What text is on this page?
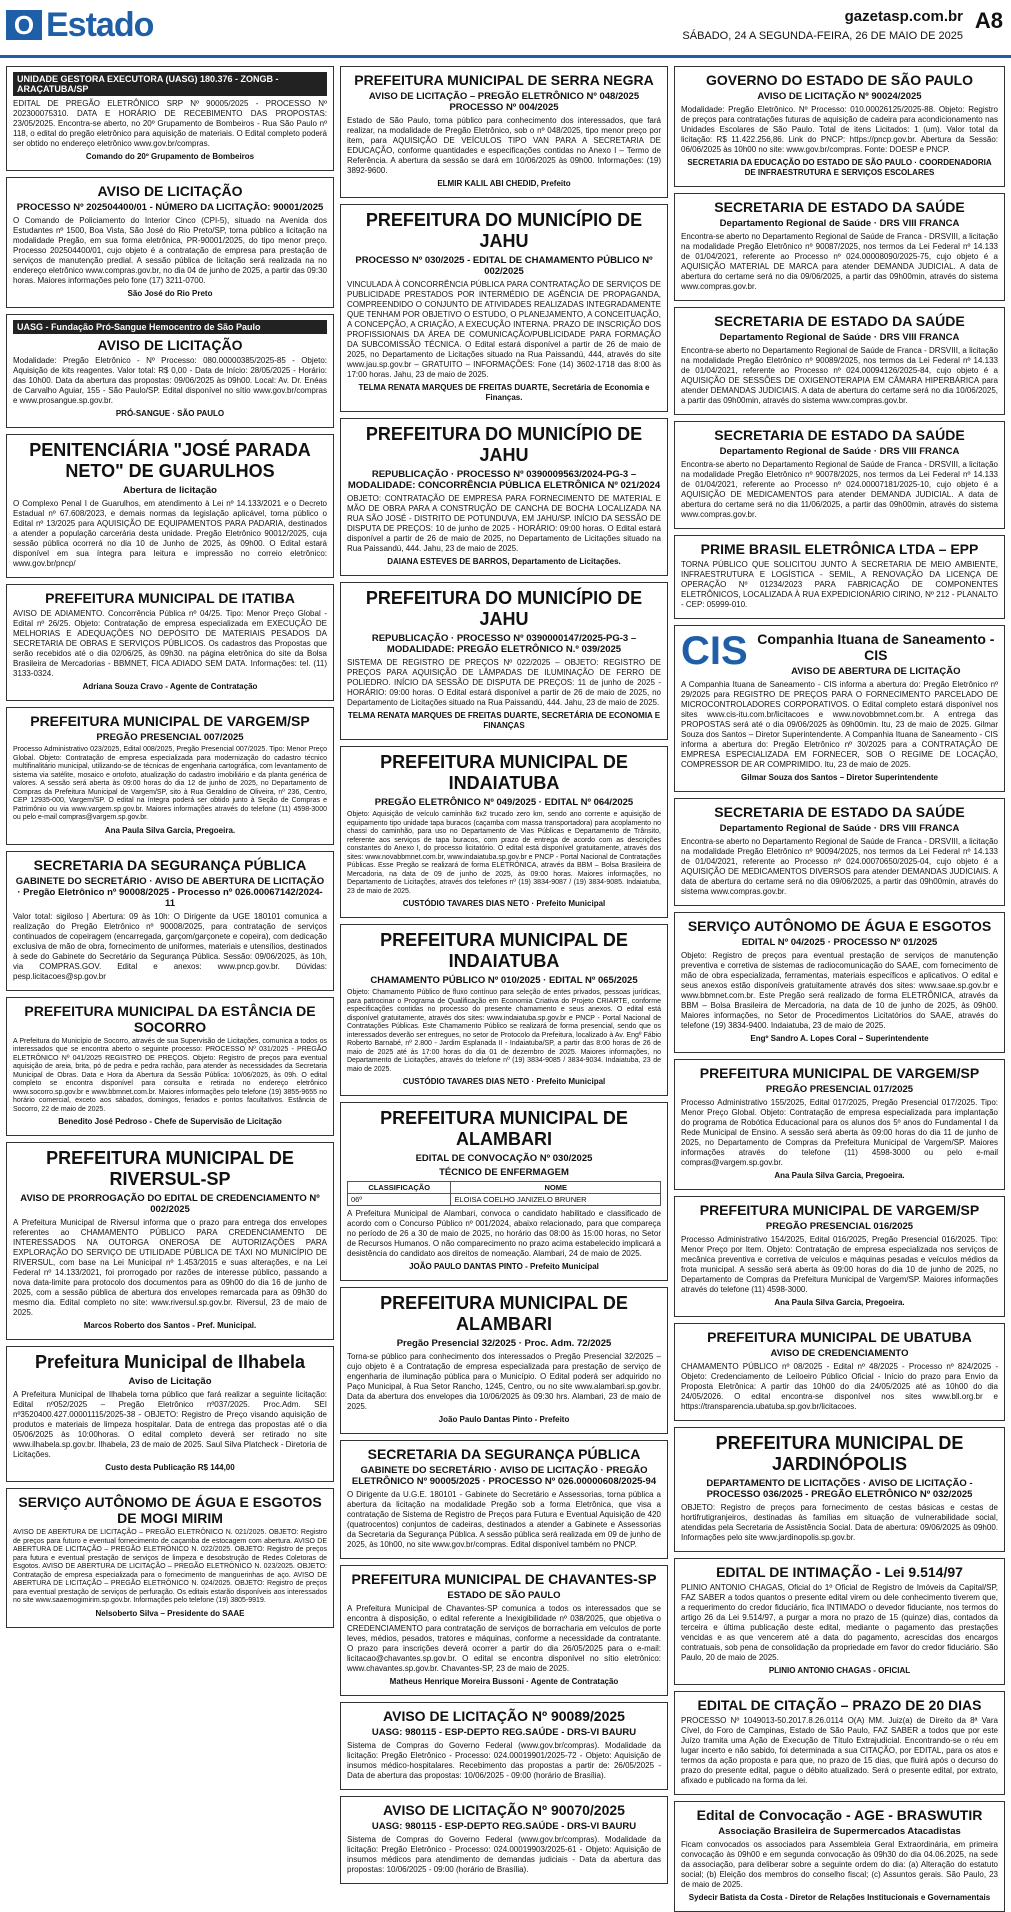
O Estado	gazetasp.com.br
SÁBADO, 24 A SEGUNDA-FEIRA, 26 DE MAIO DE 2025
A8
UNIDADE GESTORA EXECUTORA (UASG) 180.376 - ZONGB - ARAÇATUBA/SP

EDITAL DE PREGÃO ELETRÔNICO SRP Nº 90005/2025 - PROCESSO Nº 202300075310. DATA E HORÁRIO DE RECEBIMENTO DAS PROPOSTAS: 23/05/2025. Encontra-se aberto, no 20º Grupamento de Bombeiros - Rua São Paulo nº 118, o edital do pregão eletrônico para aquisição de materiais. O Edital completo poderá ser obtido no endereço eletrônico www.gov.br/compras.

Comando do 20º Grupamento de Bombeiros

AVISO DE LICITAÇÃO
PROCESSO Nº 202504400/01 - NÚMERO DA LICITAÇÃO: 90001/2025

O Comando de Policiamento do Interior Cinco (CPI-5), situado na Avenida dos Estudantes nº 1500, Boa Vista, São José do Rio Preto/SP, torna público a licitação na modalidade Pregão, em sua forma eletrônica, PR-90001/2025, do tipo menor preço. Processo 202504400/01, cujo objeto é a contratação de empresa para prestação de serviços de manutenção predial. A sessão pública de licitação será realizada na no endereço eletrônico www.compras.gov.br, no dia 04 de junho de 2025, a partir das 09:30 horas. Maiores informações pelo fone (17) 3211-0700.

São José do Rio Preto

UASG - Fundação Pró-Sangue Hemocentro de São Paulo
AVISO DE LICITAÇÃO

Modalidade: Pregão Eletrônico - Nº Processo: 080.00000385/2025-85 - Objeto: Aquisição de kits reagentes. Valor total: R$ 0,00 - Data de Início: 28/05/2025 - Horário: das 10h00. Data da abertura das propostas: 09/06/2025 às 09h00. Local: Av. Dr. Enéas de Carvalho Aguiar, 155 - São Paulo/SP. Edital disponível no sítio www.gov.br/compras e www.prosangue.sp.gov.br.

PRÓ-SANGUE · SÃO PAULO

PENITENCIÁRIA "JOSÉ PARADA NETO" DE GUARULHOS
Abertura de licitação

O Complexo Penal I de Guarulhos, em atendimento à Lei nº 14.133/2021 e o Decreto Estadual nº 67.608/2023, e demais normas da legislação aplicável, torna público o Edital nº 13/2025 para AQUISIÇÃO DE EQUIPAMENTOS PARA PADARIA, destinados a atender a população carcerária desta unidade. Pregão Eletrônico 90012/2025, cuja sessão pública ocorrerá no dia 10 de Junho de 2025, às 09h00. O Edital estará disponível em sua íntegra para leitura e impressão no correio eletrônico: www.gov.br/pncp/

PREFEITURA MUNICIPAL DE ITATIBA

AVISO DE ADIAMENTO. Concorrência Pública nº 04/25. Tipo: Menor Preço Global - Edital nº 26/25. Objeto: Contratação de empresa especializada em EXECUÇÃO DE MELHORIAS E ADEQUAÇÕES NO DEPÓSITO DE MATERIAIS PESADOS DA SECRETARIA DE OBRAS E SERVIÇOS PÚBLICOS. Os cadastros das Propostas que serão recebidos até o dia 02/06/25, às 09h30. na página eletrônica do site da Bolsa Brasileira de Mercadorias - BBMNET, FICA ADIADO SEM DATA. Informações: tel. (11) 3133-0324.

Adriana Souza Cravo - Agente de Contratação

PREFEITURA MUNICIPAL DE VARGEM/SP
PREGÃO PRESENCIAL 007/2025

Processo Administrativo 023/2025, Edital 008/2025, Pregão Presencial 007/2025. Tipo: Menor Preço Global. Objeto: Contratação de empresa especializada para modernização do cadastro técnico multifinalitário municipal, utilizando-se de técnicas de engenharia cartográfica, com levantamento de sistema via satélite, mosaico e ortofoto, atualização do cadastro imobiliário e da planta genérica de valores. A sessão será aberta às 09:00 horas do dia 12 de junho de 2025, no Departamento de Compras da Prefeitura Municipal de Vargem/SP, sito à Rua Geraldino de Oliveira, nº 236, Centro, CEP 12935-000, Vargem/SP. O edital na íntegra poderá ser obtido junto à Seção de Compras e Patrimônio ou via www.vargem.sp.gov.br. Maiores informações através do telefone (11) 4598-3000 ou pelo e-mail compras@vargem.sp.gov.br.

Ana Paula Silva Garcia, Pregoeira.

SECRETARIA DA SEGURANÇA PÚBLICA
GABINETE DO SECRETÁRIO · AVISO DE ABERTURA DE LICITAÇÃO · Pregão Eletrônico nº 90008/2025 - Processo nº 026.00067142/2024-11

Valor total: sigiloso | Abertura: 09 às 10h: O Dirigente da UGE 180101 comunica a realização do Pregão Eletrônico nº 90008/2025, para contratação de serviços continuados de copeiragem (encarregada, garçom/garçonete e copeira), com dedicação exclusiva de mão de obra, fornecimento de uniformes, materiais e utensílios, destinados à sede do Gabinete do Secretário da Segurança Pública. Sessão: 09/06/2025, às 10h, via COMPRAS.GOV. Edital e anexos: www.pncp.gov.br. Dúvidas: pesp.licitacoes@sp.gov.br

PREFEITURA MUNICIPAL DA ESTÂNCIA DE SOCORRO

A Prefeitura do Município de Socorro, através de sua Supervisão de Licitações, comunica a todos os interessados que se encontra aberto o seguinte processo: PROCESSO Nº 031/2025 - PREGÃO ELETRÔNICO Nº 041/2025 REGISTRO DE PREÇOS. Objeto: Registro de preços para eventual aquisição de areia, brita, pó de pedra e pedra rachão, para atender às necessidades da Secretaria Municipal de Obras. Data e Hora da Abertura da Sessão Pública: 10/06/2025, às 09h. O edital completo se encontra disponível para consulta e retirada no endereço eletrônico www.socorro.sp.gov.br e www.bbmnet.com.br. Maiores informações pelo telefone (19) 3855-9655 no horário comercial, exceto aos sábados, domingos, feriados e pontos facultativos. Estância de Socorro, 22 de maio de 2025.

Benedito José Pedroso - Chefe de Supervisão de Licitação

PREFEITURA MUNICIPAL DE RIVERSUL-SP
AVISO DE PRORROGAÇÃO DO EDITAL DE CREDENCIAMENTO Nº 002/2025

A Prefeitura Municipal de Riversul informa que o prazo para entrega dos envelopes referentes ao CHAMAMENTO PÚBLICO PARA CREDENCIAMENTO DE INTERESSADOS NA OUTORGA ONEROSA DE AUTORIZAÇÕES PARA EXPLORAÇÃO DO SERVIÇO DE UTILIDADE PÚBLICA DE TÁXI NO MUNICÍPIO DE RIVERSUL, com base na Lei Municipal nº 1.453/2015 e suas alterações, e na Lei Federal nº 14.133/2021, foi prorrogado por razões de interesse público, passando a nova data-limite para protocolo dos documentos para as 09h00 do dia 16 de junho de 2025, com a sessão pública de abertura dos envelopes remarcada para as 09h30 do mesmo dia. Edital completo no site: www.riversul.sp.gov.br. Riversul, 23 de maio de 2025.

Marcos Roberto dos Santos - Pref. Municipal.

Prefeitura Municipal de Ilhabela
Aviso de Licitação

A Prefeitura Municipal de Ilhabela torna público que fará realizar a seguinte licitação: Edital nº052/2025 – Pregão Eletrônico nº037/2025. Proc.Adm. SEI nº3520400.427.00001115/2025-38 - OBJETO: Registro de Preço visando aquisição de produtos e materiais de limpeza hospitalar. Data de entrega das propostas até o dia 05/06/2025 às 10:00horas. O edital completo deverá ser retirado no site www.ilhabela.sp.gov.br. Ilhabela, 23 de maio de 2025. Saul Silva Platcheck - Diretoria de Licitações.

Custo desta Publicação R$ 144,00

SERVIÇO AUTÔNOMO DE ÁGUA E ESGOTOS DE MOGI MIRIM

AVISO DE ABERTURA DE LICITAÇÃO – PREGÃO ELETRÔNICO N. 021/2025. OBJETO: Registro de preços para futuro e eventual fornecimento de caçamba de estocagem com abertura. AVISO DE ABERTURA DE LICITAÇÃO – PREGÃO ELETRÔNICO N. 022/2025. OBJETO: Registro de preços para futura e eventual prestação de serviços de limpeza e desobstrução de Redes Coletoras de Esgotos. AVISO DE ABERTURA DE LICITAÇÃO – PREGÃO ELETRÔNICO N. 023/2025. OBJETO: Contratação de empresa especializada para o fornecimento de manguerinhas de aço. AVISO DE ABERTURA DE LICITAÇÃO – PREGÃO ELETRÔNICO N. 024/2025. OBJETO: Registro de preços para eventual prestação de serviços de perfuração. Os editais estarão disponíveis aos interessados no site www.saaemogimirim.sp.gov.br. Informações pelo telefone (19) 3805-9919.

Nelsoberto Silva – Presidente do SAAE

PREFEITURA MUNICIPAL DE SERRA NEGRA
AVISO DE LICITAÇÃO – PREGÃO ELETRÔNICO Nº 048/2025 PROCESSO Nº 004/2025

Estado de São Paulo, torna público para conhecimento dos interessados, que fará realizar, na modalidade de Pregão Eletrônico, sob o nº 048/2025, tipo menor preço por item, para AQUISIÇÃO DE VEÍCULOS TIPO VAN PARA A SECRETARIA DE EDUCAÇÃO, conforme quantidades e especificações contidas no Anexo I – Termo de Referência. A abertura da sessão se dará em 10/06/2025 às 09h00. Informações: (19) 3892-9600.

ELMIR KALIL ABI CHEDID, Prefeito

PREFEITURA DO MUNICÍPIO DE JAHU
PROCESSO Nº 030/2025 - EDITAL DE CHAMAMENTO PÚBLICO Nº 002/2025

VINCULADA À CONCORRÊNCIA PÚBLICA PARA CONTRATAÇÃO DE SERVIÇOS DE PUBLICIDADE PRESTADOS POR INTERMÉDIO DE AGÊNCIA DE PROPAGANDA, COMPREENDIDO O CONJUNTO DE ATIVIDADES REALIZADAS INTEGRADAMENTE QUE TENHAM POR OBJETIVO O ESTUDO, O PLANEJAMENTO, A CONCEITUAÇÃO, A CONCEPÇÃO, A CRIAÇÃO, A EXECUÇÃO INTERNA. PRAZO DE INSCRIÇÃO DOS PROFISSIONAIS DA ÁREA DE COMUNICAÇÃO/PUBLICIDADE PARA FORMAÇÃO DA SUBCOMISSÃO TÉCNICA. O Edital estará disponível a partir de 26 de maio de 2025, no Departamento de Licitações situado na Rua Paissandú, 444, através do site www.jau.sp.gov.br – GRATUITO – INFORMAÇÕES: Fone (14) 3602-1718 das 8:00 às 17:00 horas. Jahu, 23 de maio de 2025.

TELMA RENATA MARQUES DE FREITAS DUARTE, Secretária de Economia e Finanças.

PREFEITURA DO MUNICÍPIO DE JAHU
REPUBLICAÇÃO · PROCESSO Nº 0390009563/2024-PG-3 – MODALIDADE: CONCORRÊNCIA PÚBLICA ELETRÔNICA Nº 021/2024

OBJETO: CONTRATAÇÃO DE EMPRESA PARA FORNECIMENTO DE MATERIAL E MÃO DE OBRA PARA A CONSTRUÇÃO DE CANCHA DE BOCHA LOCALIZADA NA RUA SÃO JOSÉ - DISTRITO DE POTUNDUVA, EM JAHU/SP. INÍCIO DA SESSÃO DE DISPUTA DE PREÇOS: 10 de junho de 2025 - HORÁRIO: 09:00 horas. O Edital estará disponível a partir de 26 de maio de 2025, no Departamento de Licitações situado na Rua Paissandú, 444. Jahu, 23 de maio de 2025.

DAIANA ESTEVES DE BARROS, Departamento de Licitações.

PREFEITURA DO MUNICÍPIO DE JAHU
REPUBLICAÇÃO · PROCESSO Nº 0390000147/2025-PG-3 – MODALIDADE: PREGÃO ELETRÔNICO N.º 039/2025

SISTEMA DE REGISTRO DE PREÇOS Nº 022/2025 – OBJETO: REGISTRO DE PREÇOS PARA AQUISIÇÃO DE LÂMPADAS DE ILUMINAÇÃO DE FERRO DE POLIEDRO. INÍCIO DA SESSÃO DE DISPUTA DE PREÇOS: 11 de junho de 2025 - HORÁRIO: 09:00 horas. O Edital estará disponível a partir de 26 de maio de 2025, no Departamento de Licitações situado na Rua Paissandú, 444. Jahu, 23 de maio de 2025.

TELMA RENATA MARQUES DE FREITAS DUARTE, SECRETÁRIA DE ECONOMIA E FINANÇAS

PREFEITURA MUNICIPAL DE INDAIATUBA
PREGÃO ELETRÔNICO Nº 049/2025 · EDITAL Nº 064/2025

Objeto: Aquisição de veículo caminhão 6x2 trucado zero km, sendo ano corrente e aquisição de equipamento tipo unidade tapa buracos (caçamba com massa transportadora) para acoplamento no chassi do caminhão, para uso no Departamento de Vias Públicas e Departamento de Trânsito, referente aos serviços de tapa buracos, com prazo de entrega de acordo com as descrições constantes do Anexo I, do processo licitatório. O edital está disponível gratuitamente, através dos sites: www.novabbmnet.com.br, www.indaiatuba.sp.gov.br e PNCP - Portal Nacional de Contratações Públicas. Esse Pregão se realizará de forma ELETRÔNICA, através da BBM – Bolsa Brasileira de Mercadoria, na data de 09 de junho de 2025, às 09:00 horas. Maiores informações, no Departamento de Licitações, através dos telefones nº (19) 3834-9087 / (19) 3834-9085. Indaiatuba, 23 de maio de 2025.

CUSTÓDIO TAVARES DIAS NETO · Prefeito Municipal

PREFEITURA MUNICIPAL DE INDAIATUBA
CHAMAMENTO PÚBLICO Nº 010/2025 · EDITAL Nº 065/2025

Objeto: Chamamento Público de fluxo contínuo para seleção de entes privados, pessoas jurídicas, para patrocinar o Programa de Qualificação em Economia Criativa do Projeto CRIARTE, conforme especificações contidas no processo do presente chamamento e seus anexos. O edital está disponível gratuitamente, através dos sites: www.indaiatuba.sp.gov.br e PNCP - Portal Nacional de Contratações Públicas. Este Chamamento Público se realizará de forma presencial, sendo que os interessados deverão ser entregues, no setor de Protocolo da Prefeitura, localizado à Av. Engº Fábio Roberto Barnabé, nº 2.800 - Jardim Esplanada II - Indaiatuba/SP, a partir das 8:00 horas de 26 de maio de 2025 até às 17:00 horas do dia 01 de dezembro de 2025. Maiores informações, no Departamento de Licitações, através do telefone nº (19) 3834-9085 / 3834-9034. Indaiatuba, 23 de maio de 2025.

CUSTÓDIO TAVARES DIAS NETO · Prefeito Municipal

PREFEITURA MUNICIPAL DE ALAMBARI
EDITAL DE CONVOCAÇÃO Nº 030/2025
TÉCNICO DE ENFERMAGEM
CLASSIFICAÇÃO	NOME
06º	ELOISA COELHO JANIZELO BRUNER

A Prefeitura Municipal de Alambari, convoca o candidato habilitado e classificado de acordo com o Concurso Público nº 001/2024, abaixo relacionado, para que compareça no período de 26 a 30 de maio de 2025, no horário das 08:00 às 15:00 horas, no Setor de Recursos Humanos. O não comparecimento no prazo acima estabelecido implicará a desistência do candidato aos direitos de nomeação. Alambari, 24 de maio de 2025.

JOÃO PAULO DANTAS PINTO - Prefeito Municipal

PREFEITURA MUNICIPAL DE ALAMBARI
Pregão Presencial 32/2025 · Proc. Adm. 72/2025

Torna-se público para conhecimento dos interessados o Pregão Presencial 32/2025 – cujo objeto é a Contratação de empresa especializada para prestação de serviço de engenharia de iluminação pública para o Município. O Edital poderá ser adquirido no Paço Municipal, à Rua Setor Rancho, 1245, Centro, ou no site www.alambari.sp.gov.br. Data da abertura dos envelopes dia 10/06/2025 às 09:30 hrs. Alambari, 23 de maio de 2025.

João Paulo Dantas Pinto - Prefeito

SECRETARIA DA SEGURANÇA PÚBLICA
GABINETE DO SECRETÁRIO · AVISO DE LICITAÇÃO · PREGÃO ELETRÔNICO Nº 90005/2025 · PROCESSO Nº 026.00000608/2025-94

O Dirigente da U.G.E. 180101 - Gabinete do Secretário e Assessorias, torna pública a abertura da licitação na modalidade Pregão sob a forma Eletrônica, que visa a contratação de Sistema de Registro de Preços para Futura e Eventual Aquisição de 420 (quatrocentos) conjuntos de cadeiras, destinados a atender a Gabinete e Assessorias da Secretaria da Segurança Pública. A sessão pública será realizada em 09 de junho de 2025, às 10h00, no site www.gov.br/compras. Edital disponível também no PNCP.

PREFEITURA MUNICIPAL DE CHAVANTES-SP
ESTADO DE SÃO PAULO

A Prefeitura Municipal de Chavantes-SP comunica a todos os interessados que se encontra à disposição, o edital referente a Inexigibilidade nº 038/2025, que objetiva o CREDENCIAMENTO para contratação de serviços de borracharia em veículos de porte leves, médios, pesados, tratores e máquinas, conforme a necessidade da contratante. O prazo para inscrições deverá ocorrer a partir do dia 26/05/2025 para o e-mail: licitacao@chavantes.sp.gov.br. O edital se encontra disponível no sítio eletrônico: www.chavantes.sp.gov.br. Chavantes-SP, 23 de maio de 2025.

Matheus Henrique Moreira Bussoni · Agente de Contratação

AVISO DE LICITAÇÃO Nº 90089/2025
UASG: 980115 - ESP-DEPTO REG.SAÚDE - DRS-VI BAURU

Sistema de Compras do Governo Federal (www.gov.br/compras). Modalidade da licitação: Pregão Eletrônico - Processo: 024.00019901/2025-72 - Objeto: Aquisição de insumos médico-hospitalares. Recebimento das propostas a partir de: 26/05/2025 - Data de abertura das propostas: 10/06/2025 - 09:00 (horário de Brasília).

AVISO DE LICITAÇÃO Nº 90070/2025
UASG: 980115 - ESP-DEPTO REG.SAÚDE - DRS-VI BAURU

Sistema de Compras do Governo Federal (www.gov.br/compras). Modalidade da licitação: Pregão Eletrônico - Processo: 024.00019903/2025-61 - Objeto: Aquisição de insumos médicos para atendimento de demandas judiciais - Data da abertura das propostas: 10/06/2025 - 09:00 (horário de Brasília).

GOVERNO DO ESTADO DE SÃO PAULO
AVISO DE LICITAÇÃO Nº 90024/2025

Modalidade: Pregão Eletrônico. Nº Processo: 010.00026125/2025-88. Objeto: Registro de preços para contratações futuras de aquisição de cadeira para acondicionamento nas Unidades Escolares de São Paulo. Total de itens Licitados: 1 (um). Valor total da licitação: R$ 11.422.256,86. Link do PNCP: https://pncp.gov.br. Abertura da Sessão: 06/06/2025 às 10h00 no site: www.gov.br/compras. Fonte: DOESP e PNCP.

SECRETARIA DA EDUCAÇÃO DO ESTADO DE SÃO PAULO · COORDENADORIA DE INFRAESTRUTURA E SERVIÇOS ESCOLARES

SECRETARIA DE ESTADO DA SAÚDE
Departamento Regional de Saúde · DRS VIII FRANCA

Encontra-se aberto no Departamento Regional de Saúde de Franca - DRSVIII, a licitação na modalidade Pregão Eletrônico nº 90087/2025, nos termos da Lei Federal nº 14.133 de 01/04/2021, referente ao Processo nº 024.00008090/2025-75, cujo objeto é a AQUISIÇÃO MATERIAL DE MARCA para atender DEMANDA JUDICIAL. A data de abertura do certame será no dia 09/06/2025, a partir das 09h00min, através do sistema www.compras.gov.br.

SECRETARIA DE ESTADO DA SAÚDE
Departamento Regional de Saúde · DRS VIII FRANCA

Encontra-se aberto no Departamento Regional de Saúde de Franca - DRSVIII, a licitação na modalidade Pregão Eletrônico nº 90089/2025, nos termos da Lei Federal nº 14.133 de 01/04/2021, referente ao Processo nº 024.00094126/2025-84, cujo objeto é a AQUISIÇÃO DE SESSÕES DE OXIGENOTERAPIA EM CÂMARA HIPERBÁRICA para atender DEMANDAS JUDICIAIS. A data de abertura do certame será no dia 10/06/2025, a partir das 09h00min, através do sistema www.compras.gov.br.

SECRETARIA DE ESTADO DA SAÚDE
Departamento Regional de Saúde · DRS VIII FRANCA

Encontra-se aberto no Departamento Regional de Saúde de Franca - DRSVIII, a licitação na modalidade Pregão Eletrônico nº 90078/2025, nos termos da Lei Federal nº 14.133 de 01/04/2021, referente ao Processo nº 024.00007181/2025-10, cujo objeto é a AQUISIÇÃO DE MEDICAMENTOS para atender DEMANDA JUDICIAL. A data de abertura do certame será no dia 11/06/2025, a partir das 09h00min, através do sistema www.compras.gov.br.

PRIME BRASIL ELETRÔNICA LTDA – EPP

TORNA PÚBLICO QUE SOLICITOU JUNTO À SECRETARIA DE MEIO AMBIENTE, INFRAESTRUTURA E LOGÍSTICA - SEMIL, A RENOVAÇÃO DA LICENÇA DE OPERAÇÃO Nº 01234/2023 PARA FABRICAÇÃO DE COMPONENTES ELETRÔNICOS, LOCALIZADA À RUA EXPEDICIONÁRIO CIRINO, Nº 212 - PLANALTO - CEP: 05999-010.

CIS Companhia Ituana de Saneamento - CIS
AVISO DE ABERTURA DE LICITAÇÃO

A Companhia Ituana de Saneamento - CIS informa a abertura do: Pregão Eletrônico nº 29/2025 para REGISTRO DE PREÇOS PARA O FORNECIMENTO PARCELADO DE MICROCONTROLADORES CORPORATIVOS. O Edital completo estará disponível nos sites www.cis-itu.com.br/licitacoes e www.novobbmnet.com.br. A entrega das PROPOSTAS será até o dia 09/06/2025 às 09h00min. Itu, 23 de maio de 2025. Gilmar Souza dos Santos – Diretor Superintendente. A Companhia Ituana de Saneamento - CIS informa a abertura do: Pregão Eletrônico nº 30/2025 para a CONTRATAÇÃO DE EMPRESA ESPECIALIZADA EM FORNECER, SOB O REGIME DE LOCAÇÃO, COMPRESSOR DE AR COMPRIMIDO. Itu, 23 de maio de 2025.

Gilmar Souza dos Santos – Diretor Superintendente

SECRETARIA DE ESTADO DA SAÚDE
Departamento Regional de Saúde · DRS VIII FRANCA

Encontra-se aberto no Departamento Regional de Saúde de Franca - DRSVIII, a licitação na modalidade Pregão Eletrônico nº 90094/2025, nos termos da Lei Federal nº 14.133 de 01/04/2021, referente ao Processo nº 024.00070650/2025-04, cujo objeto é a AQUISIÇÃO DE MEDICAMENTOS DIVERSOS para atender DEMANDAS JUDICIAIS. A data de abertura do certame será no dia 09/06/2025, a partir das 09h00min, através do sistema www.compras.gov.br.

SERVIÇO AUTÔNOMO DE ÁGUA E ESGOTOS
EDITAL Nº 04/2025 · PROCESSO Nº 01/2025

Objeto: Registro de preços para eventual prestação de serviços de manutenção preventiva e corretiva de sistemas de radiocomunicação do SAAE, com fornecimento de mão de obra especializada, ferramentas, materiais específicos e aplicativos. O edital e seus anexos estão disponíveis gratuitamente através dos sites: www.saae.sp.gov.br e www.bbmnet.com.br. Este Pregão será realizado de forma ELETRÔNICA, através da BBM – Bolsa Brasileira de Mercadoria, na data de 10 de junho de 2025, às 09h00. Maiores informações, no Setor de Procedimentos Licitatórios do SAAE, através do telefone (19) 3834-9400. Indaiatuba, 23 de maio de 2025.

Engº Sandro A. Lopes Coral – Superintendente

PREFEITURA MUNICIPAL DE VARGEM/SP
PREGÃO PRESENCIAL 017/2025

Processo Administrativo 155/2025, Edital 017/2025, Pregão Presencial 017/2025. Tipo: Menor Preço Global. Objeto: Contratação de empresa especializada para implantação do programa de Robótica Educacional para os alunos dos 5º anos do Fundamental I da Rede Municipal de Ensino. A sessão será aberta às 09:00 horas do dia 11 de junho de 2025, no Departamento de Compras da Prefeitura Municipal de Vargem/SP. Maiores informações através do telefone (11) 4598-3000 ou pelo e-mail compras@vargem.sp.gov.br.

Ana Paula Silva Garcia, Pregoeira.

PREFEITURA MUNICIPAL DE VARGEM/SP
PREGÃO PRESENCIAL 016/2025

Processo Administrativo 154/2025, Edital 016/2025, Pregão Presencial 016/2025. Tipo: Menor Preço por Item. Objeto: Contratação de empresa especializada nos serviços de mecânica preventiva e corretiva de veículos e máquinas pesadas e veículos médios da frota municipal. A sessão será aberta às 09:00 horas do dia 10 de junho de 2025, no Departamento de Compras da Prefeitura Municipal de Vargem/SP. Maiores informações através do telefone (11) 4598-3000.

Ana Paula Silva Garcia, Pregoeira.

PREFEITURA MUNICIPAL DE UBATUBA
AVISO DE CREDENCIAMENTO

CHAMAMENTO PÚBLICO nº 08/2025 - Edital nº 48/2025 - Processo nº 824/2025 - Objeto: Credenciamento de Leiloeiro Público Oficial - Início do prazo para Envio da Proposta Eletrônica: A partir das 10h00 do dia 24/05/2025 até as 10h00 do dia 24/05/2026. O edital encontra-se disponível nos sites www.bll.org.br e https://transparencia.ubatuba.sp.gov.br/licitacoes.

PREFEITURA MUNICIPAL DE JARDINÓPOLIS
DEPARTAMENTO DE LICITAÇÕES · AVISO DE LICITAÇÃO - PROCESSO 036/2025 - PREGÃO ELETRÔNICO Nº 032/2025

OBJETO: Registro de preços para fornecimento de cestas básicas e cestas de hortifrutigranjeiros, destinadas às famílias em situação de vulnerabilidade social, atendidas pela Secretaria de Assistência Social. Data de abertura: 09/06/2025 às 09h00. Informações pelo site www.jardinopolis.sp.gov.br.

EDITAL DE INTIMAÇÃO - Lei 9.514/97

PLINIO ANTONIO CHAGAS, Oficial do 1º Oficial de Registro de Imóveis da Capital/SP, FAZ SABER a todos quantos o presente edital virem ou dele conhecimento tiverem que, a requerimento do credor fiduciário, fica INTIMADO o devedor fiduciante, nos termos do artigo 26 da Lei 9.514/97, a purgar a mora no prazo de 15 (quinze) dias, contados da terceira e última publicação deste edital, mediante o pagamento das prestações vencidas e as que vencerem até a data do pagamento, acrescidas dos encargos contratuais, sob pena de consolidação da propriedade em favor do credor fiduciário. São Paulo, 20 de maio de 2025.

PLINIO ANTONIO CHAGAS - OFICIAL

EDITAL DE CITAÇÃO – PRAZO DE 20 DIAS

PROCESSO Nº 1049013-50.2017.8.26.0114 O(A) MM. Juiz(a) de Direito da 8ª Vara Cível, do Foro de Campinas, Estado de São Paulo, FAZ SABER a todos que por este Juízo tramita uma Ação de Execução de Título Extrajudicial. Encontrando-se o réu em lugar incerto e não sabido, foi determinada a sua CITAÇÃO, por EDITAL, para os atos e termos da ação proposta e para que, no prazo de 15 dias, que fluirá após o decurso do prazo do presente edital, pague o débito atualizado. Será o presente edital, por extrato, afixado e publicado na forma da lei.

Edital de Convocação - AGE - BRASWUTIR
Associação Brasileira de Supermercados Atacadistas

Ficam convocados os associados para Assembleia Geral Extraordinária, em primeira convocação às 09h00 e em segunda convocação às 09h30 do dia 04.06.2025, na sede da associação, para deliberar sobre a seguinte ordem do dia: (a) Alteração do estatuto social; (b) Eleição dos membros do conselho fiscal; (c) Assuntos gerais. São Paulo, 23 de maio de 2025.

Sydecir Batista da Costa - Diretor de Relações Institucionais e Governamentais
